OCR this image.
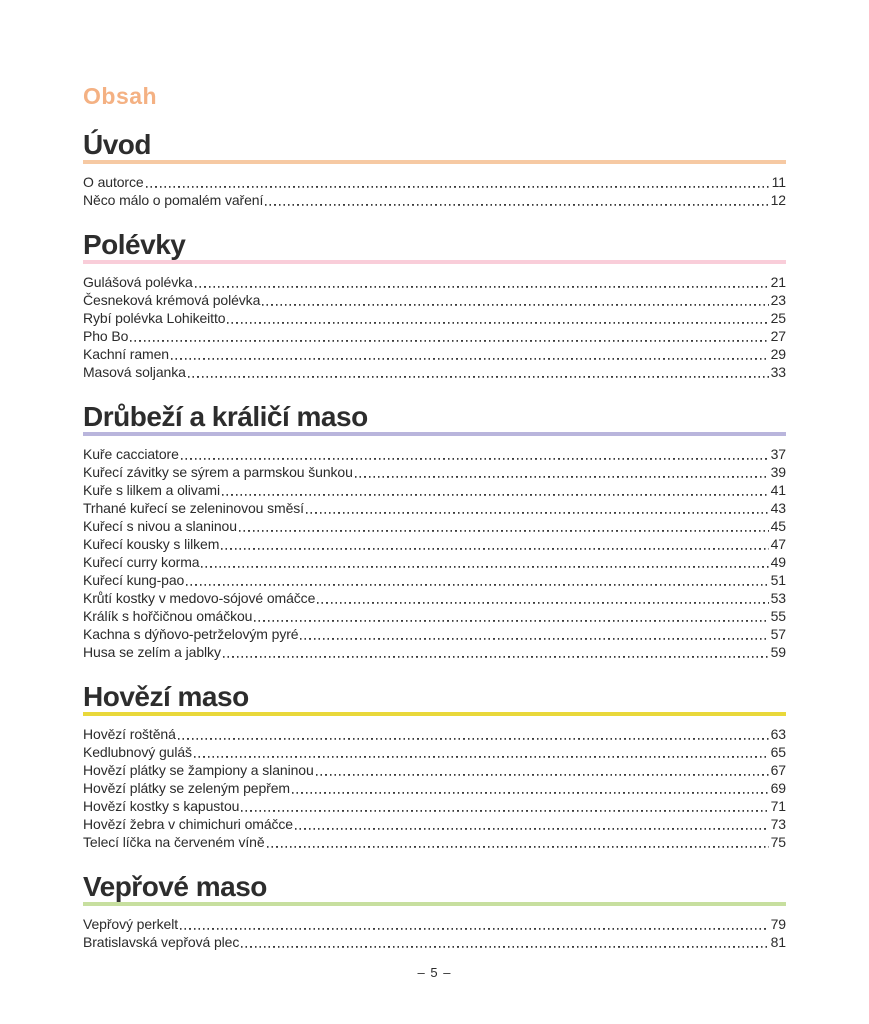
Obsah
Úvod
O autorce	11
Něco málo o pomalém vaření	12
Polévky
Gulášová polévka	21
Česneková krémová polévka	23
Rybí polévka Lohikeitto	25
Pho Bo	27
Kachní ramen	29
Masová soljanka	33
Drůbeží a králičí maso
Kuře cacciatore	37
Kuřecí závitky se sýrem a parmskou šunkou	39
Kuře s lilkem a olivami	41
Trhané kuřecí se zeleninovou směsí	43
Kuřecí s nivou a slaninou	45
Kuřecí kousky s lilkem	47
Kuřecí curry korma	49
Kuřecí kung-pao	51
Krůtí kostky v medovo-sójové omáčce	53
Králík s hořčičnou omáčkou	55
Kachna s dýňovo-petrželovým pyré	57
Husa se zelím a jablky	59
Hovězí maso
Hovězí roštěná	63
Kedlubnový guláš	65
Hovězí plátky se žampiony a slaninou	67
Hovězí plátky se zeleným pepřem	69
Hovězí kostky s kapustou	71
Hovězí žebra v chimichuri omáčce	73
Telecí líčka na červeném víně	75
Vepřové maso
Vepřový perkelt	79
Bratislavská vepřová plec	81
– 5 –
